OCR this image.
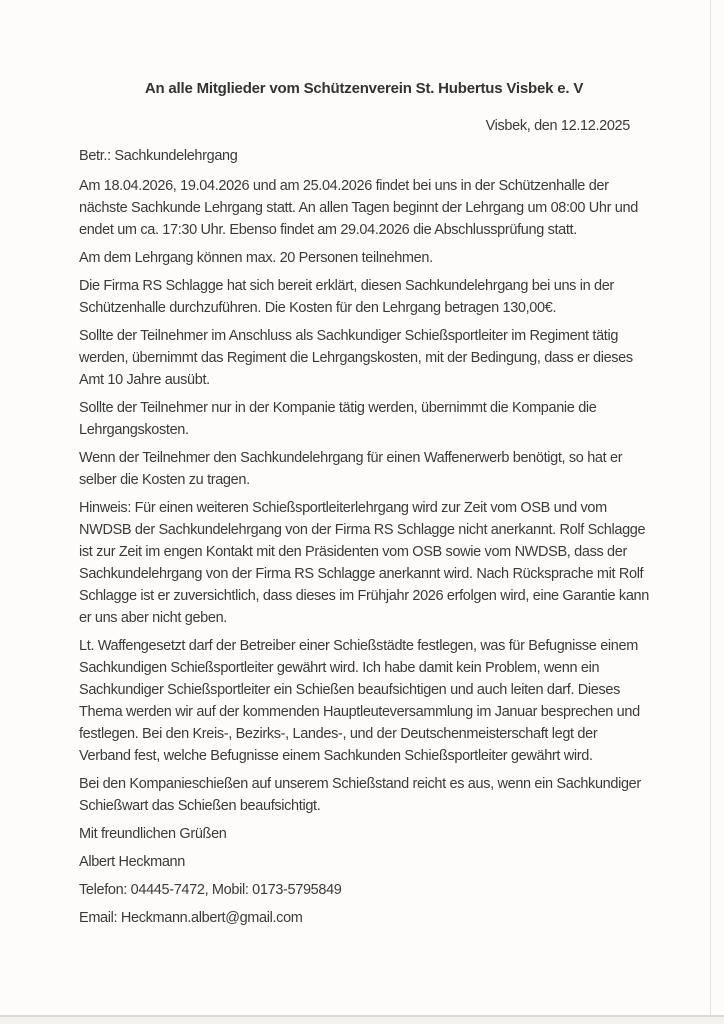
An alle Mitglieder vom Schützenverein St. Hubertus Visbek e. V
Visbek, den 12.12.2025
Betr.: Sachkundelehrgang

Am 18.04.2026, 19.04.2026 und am 25.04.2026 findet bei uns in der Schützenhalle der nächste Sachkunde Lehrgang statt. An allen Tagen beginnt der Lehrgang um 08:00 Uhr und endet um ca. 17:30 Uhr. Ebenso findet am 29.04.2026 die Abschlussprüfung statt.

Am dem Lehrgang können max. 20 Personen teilnehmen.

Die Firma RS Schlagge hat sich bereit erklärt, diesen Sachkundelehrgang bei uns in der Schützenhalle durchzuführen. Die Kosten für den Lehrgang betragen 130,00€.

Sollte der Teilnehmer im Anschluss als Sachkundiger Schießsportleiter im Regiment tätig werden, übernimmt das Regiment die Lehrgangskosten, mit der Bedingung, dass er dieses Amt 10 Jahre ausübt.

Sollte der Teilnehmer nur in der Kompanie tätig werden, übernimmt die Kompanie die Lehrgangskosten.

Wenn der Teilnehmer den Sachkundelehrgang für einen Waffenerwerb benötigt, so hat er selber die Kosten zu tragen.

Hinweis: Für einen weiteren Schießsportleiterlehrgang wird zur Zeit vom OSB und vom NWDSB der Sachkundelehrgang von der Firma RS Schlagge nicht anerkannt. Rolf Schlagge ist zur Zeit im engen Kontakt mit den Präsidenten vom OSB sowie vom NWDSB, dass der Sachkundelehrgang von der Firma RS Schlagge anerkannt wird. Nach Rücksprache mit Rolf Schlagge ist er zuversichtlich, dass dieses im Frühjahr 2026 erfolgen wird, eine Garantie kann er uns aber nicht geben.

Lt. Waffengesetzt darf der Betreiber einer Schießstädte festlegen, was für Befugnisse einem Sachkundigen Schießsportleiter gewährt wird. Ich habe damit kein Problem, wenn ein Sachkundiger Schießsportleiter ein Schießen beaufsichtigen und auch leiten darf. Dieses Thema werden wir auf der kommenden Hauptleuteversammlung im Januar besprechen und festlegen. Bei den Kreis-, Bezirks-, Landes-, und der Deutschenmeisterschaft legt der Verband fest, welche Befugnisse einem Sachkunden Schießsportleiter gewährt wird.

Bei den Kompanieschießen auf unserem Schießstand reicht es aus, wenn ein Sachkundiger Schießwart das Schießen beaufsichtigt.

Mit freundlichen Grüßen

Albert Heckmann

Telefon: 04445-7472, Mobil: 0173-5795849

Email: Heckmann.albert@gmail.com
